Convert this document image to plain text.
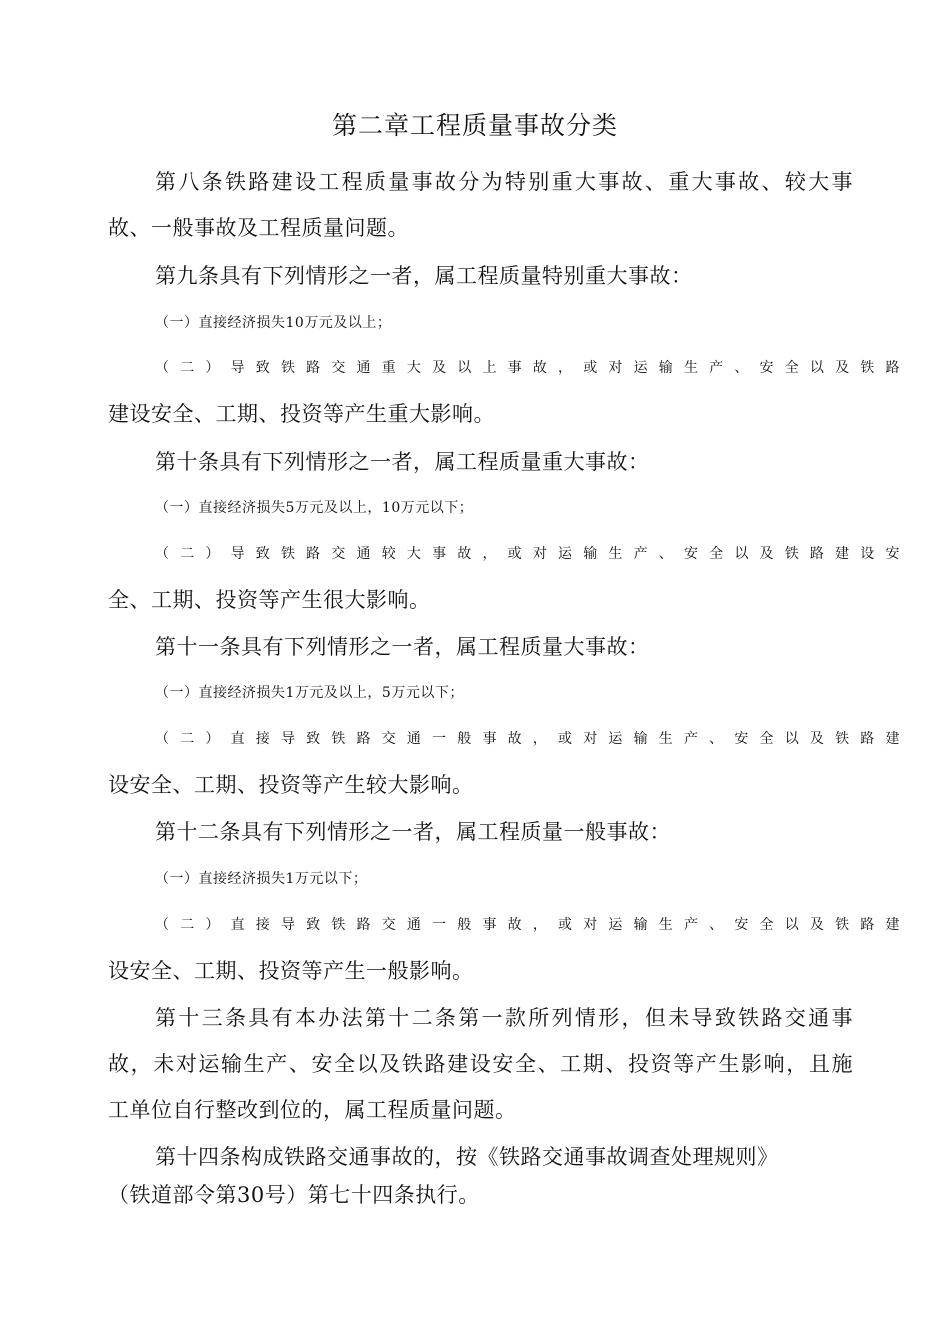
第二章工程质量事故分类
第八条铁路建设工程质量事故分为特别重大事故、重大事故、较大事
故、一般事故及工程质量问题。
第九条具有下列情形之一者，属工程质量特别重大事故：
（一）直接经济损失10万元及以上；
（二）导致铁路交通重大及以上事故，或对运输生产、安全以及铁路
建设安全、工期、投资等产生重大影响。
第十条具有下列情形之一者，属工程质量重大事故：
（一）直接经济损失5万元及以上，10万元以下；
（二）导致铁路交通较大事故，或对运输生产、安全以及铁路建设安
全、工期、投资等产生很大影响。
第十一条具有下列情形之一者，属工程质量大事故：
（一）直接经济损失1万元及以上，5万元以下；
（二）直接导致铁路交通一般事故，或对运输生产、安全以及铁路建
设安全、工期、投资等产生较大影响。
第十二条具有下列情形之一者，属工程质量一般事故：
（一）直接经济损失1万元以下；
（二）直接导致铁路交通一般事故，或对运输生产、安全以及铁路建
设安全、工期、投资等产生一般影响。
第十三条具有本办法第十二条第一款所列情形，但未导致铁路交通事
故，未对运输生产、安全以及铁路建设安全、工期、投资等产生影响，且施
工单位自行整改到位的，属工程质量问题。
第十四条构成铁路交通事故的，按《铁路交通事故调查处理规则》
（铁道部令第30号）第七十四条执行。
